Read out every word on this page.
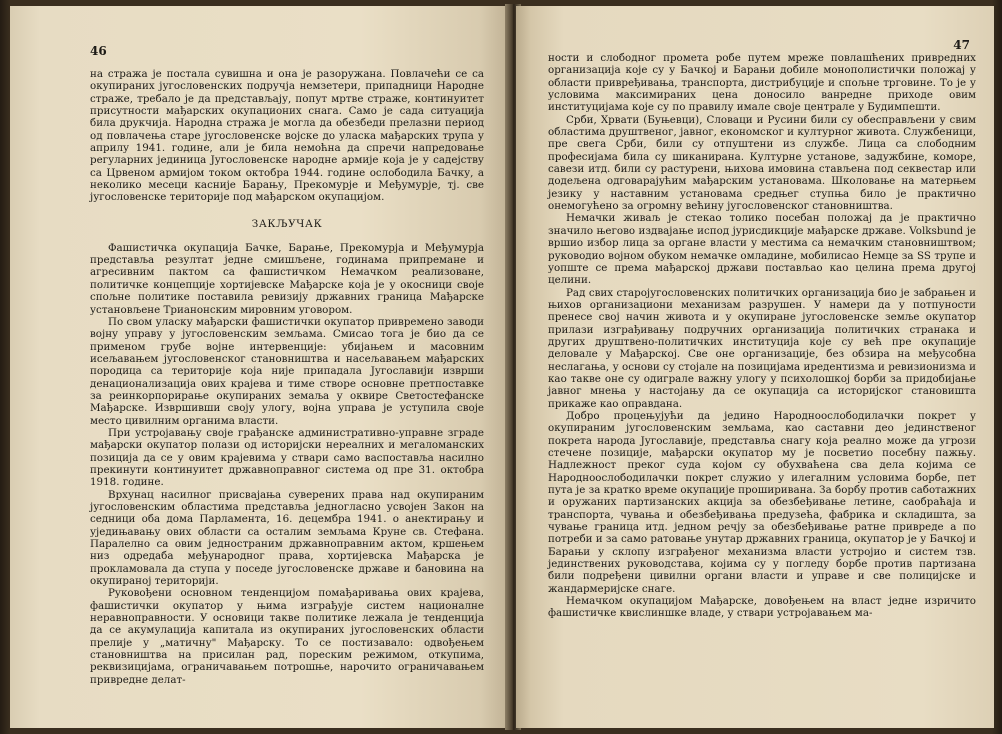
46

на стража је постала сувишна и она је разоружана. Повлачећи се са окупираних југословенских подручја немзетери, припадници Народне страже, требало је да представљају, попут мртве страже, континуитет присутности мађарских окупационих снага. Само је сада ситуација била друкчија. Народна стража је могла да обезбеди прелазни период од повлачења старе југословенске војске до уласка мађарских трупа у априлу 1941. године, али је била немоћна да спречи напредовање регуларних јединица Југословенске народне армије која је у садејству са Црвеном армијом током октобра 1944. године ослободила Бачку, а неколико месеци касније Барању, Прекомурје и Међумурје, тј. све југословенске територије под мађарском окупацијом.

ЗАКЉУЧАК

Фашистичка окупација Бачке, Барање, Прекомурја и Међумурја представља резултат једне смишљене, годинама припремане и агресивним пактом са фашистичком Немачком реализоване, политичке концепције хортијевске Мађарске која је у окосници своје спољне политике поставила ревизију државних граница Мађарске установљене Трианонским мировним уговором.

По свом уласку мађарски фашистички окупатор привремено заводи војну управу у југословенским земљама. Смисао тога је био да се применом грубе војне интервенције: убијањем и масовним исељавањем југословенског становништва и насељавањем мађарских породица са територије која није припадала Југославији изврши денационализација ових крајева и тиме створе основне претпоставке за реинкорпорирање окупираних земаља у оквире Светостефанске Мађарске. Извршивши своју улогу, војна управа је уступила своје место цивилним органима власти.

При устројавању своје грађанске административно-управне зграде мађарски окупатор полази од историјски нереалних и мегаломанских позиција да се у овим крајевима у ствари само васпоставља насилно прекинути континуитет државноправног система од пре 31. октобра 1918. године.

Врхунац насилног присвајања суверених права над окупираним југословенским областима представља једногласно усвојен Закон на седници оба дома Парламента, 16. децембра 1941. о анектирању и уједињавању ових области са осталим земљама Круне св. Стефана. Паралелно са овим једностраним државноправним актом, кршењем низ одредаба међународног права, хортијевска Мађарска је прокламовала да ступа у поседе југословенске државе и бановина на окупираној територији.

Руковођени основном тенденцијом помађаривања ових крајева, фашистички окупатор у њима изграђује систем националне неравноправности. У основици такве политике лежала је тенденција да се акумулација капитала из окупираних југословенских области прелије у „матичну" Мађарску. То се постизавало: одвођењем становништва на присилан рад, пореским режимом, откупима, реквизицијама, ограничавањем потрошње, нарочито ограничавањем привредне делат-

47

ности и слободног промета робе путем мреже повлашћених привредних организација које су у Бачкој и Барањи добиле монополистички положај у области привређивања, транспорта, дистрибуције и спољне трговине. То је у условима максимираних цена доносило ванредне приходе овим институцијама које су по правилу имале своје централе у Будимпешти.

Срби, Хрвати (Буњевци), Словаци и Русини били су обесправљени у свим областима друштвеног, јавног, економског и културног живота. Службеници, пре свега Срби, били су отпуштени из службе. Лица са слободним професијама била су шиканирана. Културне установе, задужбине, коморе, савези итд. били су растурени, њихова имовина стављена под секвестар или додељена одговарајућим мађарским установама. Школовање на матерњем језику у наставним установама средњег ступња било је практично онемогућено за огромну већину југословенског становништва.

Немачки живаљ је стекао толико посебан положај да је практично значило његово издвајање испод јурисдикције мађарске државе. Volksbund је вршио избор лица за органе власти у местима са немачким становништвом; руководио војном обуком немачке омладине, мобилисао Немце за SS трупе и уопште се према мађарској држави постављао као целина према другој целини.

Рад свих старојугословенских политичких организација био је забрањен и њихов организациони механизам разрушен. У намери да у потпуности пренесе свој начин живота и у окупиране југословенске земље окупатор прилази изграђивању подручних организација политичких странака и других друштвено-политичких институција које су већ пре окупације деловале у Мађарској. Све оне организације, без обзира на међусобна неслагања, у основи су стојале на позицијама иредентизма и ревизионизма и као такве оне су одиграле важну улогу у психолошкој борби за придобијање јавног мнења у настојању да се окупација са историјског становишта прикаже као оправдана.

Добро процењујући да једино Народноослободилачки покрет у окупираним југословенским земљама, као саставни део јединственог покрета народа Југославије, представља снагу која реално може да угрози стечене позиције, мађарски окупатор му је посветио посебну пажњу. Надлежност преког суда којом су обухваћена сва дела којима се Народноослободилачки покрет служио у илегалним условима борбе, пет пута је за кратко време окупације проширивана. За борбу против саботажних и оружаних партизанских акција за обезбеђивање летине, саобраћаја и транспорта, чувања и обезбеђивања предузећа, фабрика и складишта, за чување граница итд. једном речју за обезбеђивање ратне привреде а по потреби и за само ратовање унутар државних граница, окупатор је у Бачкој и Барањи у склопу изграђеног механизма власти устројио и систем тзв. јединствених руководстава, којима су у погледу борбе против партизана били подређени цивилни органи власти и управе и све полицијске и жандармеријске снаге.

Немачком окупацијом Мађарске, довођењем на власт једне изричито фашистичке квислиншке владе, у ствари устројавањем ма-
